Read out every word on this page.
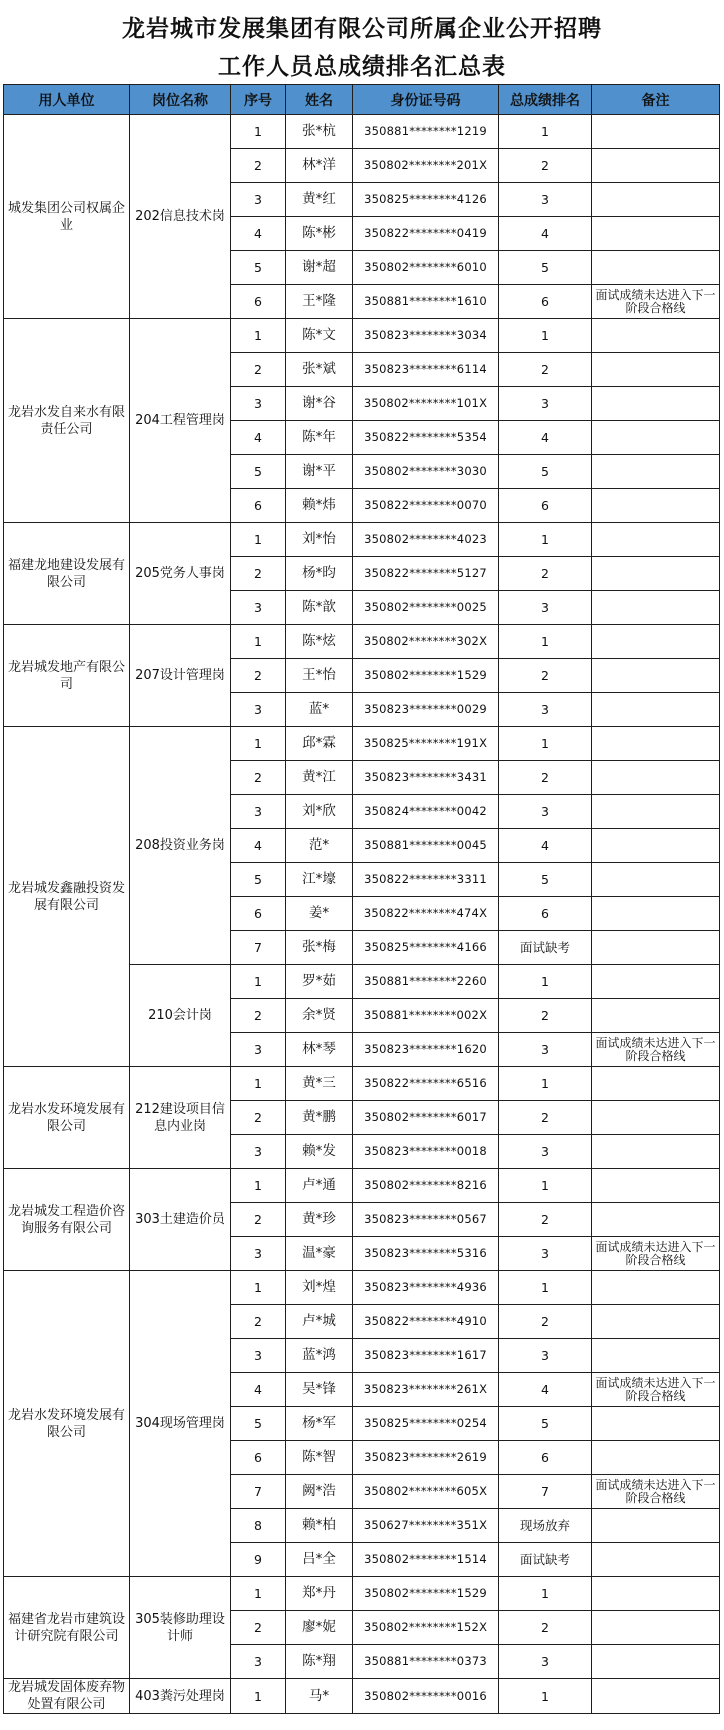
龙岩城市发展集团有限公司所属企业公开招聘
工作人员总成绩排名汇总表
用人单位	岗位名称	序号	姓名	身份证号码	总成绩排名	备注
城发集团公司权属企业	202信息技术岗	1	张*杭	350881********1219	1	
		2	林*洋	350802********201X	2	
		3	黄*红	350825********4126	3	
		4	陈*彬	350822********0419	4	
		5	谢*超	350802********6010	5	
		6	王*隆	350881********1610	6	面试成绩未达进入下一阶段合格线
龙岩水发自来水有限责任公司	204工程管理岗	1	陈*文	350823********3034	1	
		2	张*斌	350823********6114	2	
		3	谢*谷	350802********101X	3	
		4	陈*年	350822********5354	4	
		5	谢*平	350802********3030	5	
		6	赖*炜	350822********0070	6	
福建龙地建设发展有限公司	205党务人事岗	1	刘*怡	350802********4023	1	
		2	杨*昀	350822********5127	2	
		3	陈*歆	350802********0025	3	
龙岩城发地产有限公司	207设计管理岗	1	陈*炫	350802********302X	1	
		2	王*怡	350802********1529	2	
		3	蓝*	350823********0029	3	
龙岩城发鑫融投资发展有限公司	208投资业务岗	1	邱*霖	350825********191X	1	
		2	黄*江	350823********3431	2	
		3	刘*欣	350824********0042	3	
		4	范*	350881********0045	4	
		5	江*壕	350822********3311	5	
		6	姜*	350822********474X	6	
		7	张*梅	350825********4166	面试缺考	
	210会计岗	1	罗*茹	350881********2260	1	
		2	余*贤	350881********002X	2	
		3	林*琴	350823********1620	3	面试成绩未达进入下一阶段合格线
龙岩水发环境发展有限公司	212建设项目信息内业岗	1	黄*三	350822********6516	1	
		2	黄*鹏	350802********6017	2	
		3	赖*发	350823********0018	3	
龙岩城发工程造价咨询服务有限公司	303土建造价员	1	卢*通	350802********8216	1	
		2	黄*珍	350823********0567	2	
		3	温*豪	350823********5316	3	面试成绩未达进入下一阶段合格线
龙岩水发环境发展有限公司	304现场管理岗	1	刘*煌	350823********4936	1	
		2	卢*城	350822********4910	2	
		3	蓝*鸿	350823********1617	3	
		4	吴*锋	350823********261X	4	面试成绩未达进入下一阶段合格线
		5	杨*军	350825********0254	5	
		6	陈*智	350823********2619	6	
		7	阙*浩	350802********605X	7	面试成绩未达进入下一阶段合格线
		8	赖*柏	350627********351X	现场放弃	
		9	吕*全	350802********1514	面试缺考	
福建省龙岩市建筑设计研究院有限公司	305装修助理设计师	1	郑*丹	350802********1529	1	
		2	廖*妮	350802********152X	2	
		3	陈*翔	350881********0373	3	
龙岩城发固体废弃物处置有限公司	403粪污处理岗	1	马*	350802********0016	1	
